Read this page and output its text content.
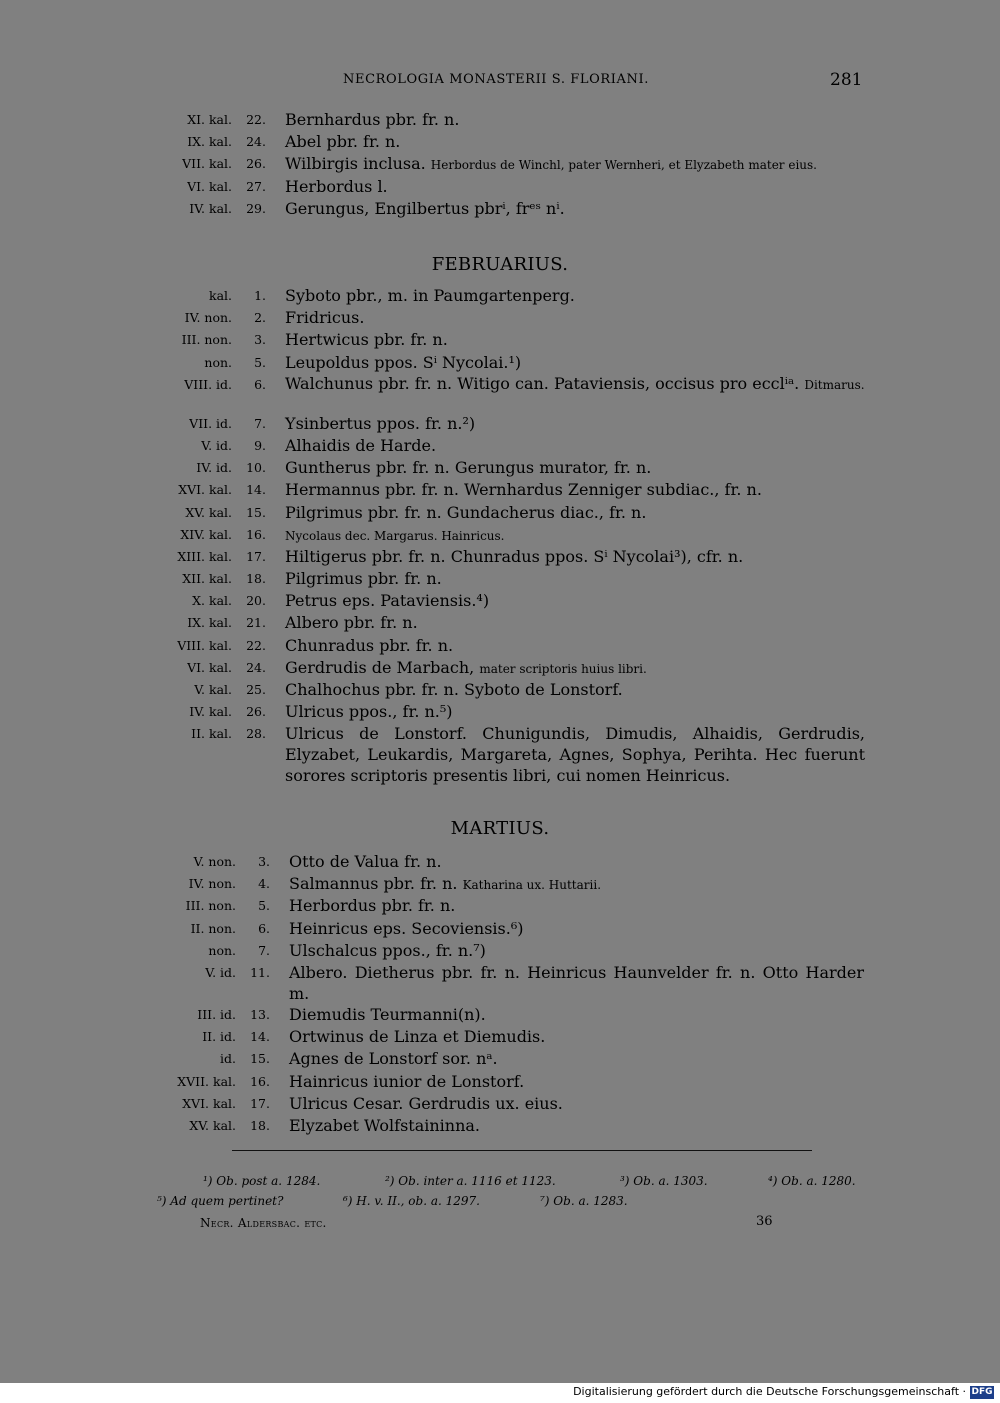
NECROLOGIA MONASTERII S. FLORIANI.	281
XI. kal.	22. Bernhardus pbr. fr. n.
IX. kal.	24. Abel pbr. fr. n.
VII. kal.	26. Wilbirgis inclusa. Herbordus de Winchl, pater Wernheri, et Elyzabeth mater eius.
VI. kal.	27. Herbordus l.
IV. kal.	29. Gerungus, Engilbertus pbrⁱ, frᵉˢ nⁱ.
FEBRUARIUS.
kal.	1. Syboto pbr., m. in Paumgartenperg.
IV. non.	2. Fridricus.
III. non.	3. Hertwicus pbr. fr. n.
non.	5. Leupoldus ppos. Sⁱ Nycolai.¹)
VIII. id.	6. Walchunus pbr. fr. n. Witigo can. Pataviensis, occisus pro ecclⁱᵃ. Ditmarus.
VII. id.	7. Ysinbertus ppos. fr. n.²)
V. id.	9. Alhaidis de Harde.
IV. id.	10. Guntherus pbr. fr. n. Gerungus murator, fr. n.
XVI. kal.	14. Hermannus pbr. fr. n. Wernhardus Zenniger subdiac., fr. n.
XV. kal.	15. Pilgrimus pbr. fr. n. Gundacherus diac., fr. n.
XIV. kal.	16. Nycolaus dec. Margarus. Hainricus.
XIII. kal.	17. Hiltigerus pbr. fr. n. Chunradus ppos. Sⁱ Nycolai³), cfr. n.
XII. kal.	18. Pilgrimus pbr. fr. n.
X. kal.	20. Petrus eps. Pataviensis.⁴)
IX. kal.	21. Albero pbr. fr. n.
VIII. kal.	22. Chunradus pbr. fr. n.
VI. kal.	24. Gerdrudis de Marbach, mater scriptoris huius libri.
V. kal.	25. Chalhochus pbr. fr. n. Syboto de Lonstorf.
IV. kal.	26. Ulricus ppos., fr. n.⁵)
II. kal.	28. Ulricus de Lonstorf. Chunigundis, Dimudis, Alhaidis, Gerdrudis, Elyzabet, Leukardis, Margareta, Agnes, Sophya, Perihta. Hec fuerunt sorores scriptoris presentis libri, cui nomen Heinricus.
MARTIUS.
V. non.	3. Otto de Valua fr. n.
IV. non.	4. Salmannus pbr. fr. n. Katharina ux. Huttarii.
III. non.	5. Herbordus pbr. fr. n.
II. non.	6. Heinricus eps. Secoviensis.⁶)
non.	7. Ulschalcus ppos., fr. n.⁷)
V. id.	11. Albero. Dietherus pbr. fr. n. Heinricus Haunvelder fr. n. Otto Harder m.
III. id.	13. Diemudis Teurmanni(n).
II. id.	14. Ortwinus de Linza et Diemudis.
id.	15. Agnes de Lonstorf sor. nᵃ.
XVII. kal.	16. Hainricus iunior de Lonstorf.
XVI. kal.	17. Ulricus Cesar. Gerdrudis ux. eius.
XV. kal.	18. Elyzabet Wolfstaininna.
¹) Ob. post a. 1284.	²) Ob. inter a. 1116 et 1123.	³) Ob. a. 1303.	⁴) Ob. a. 1280.
⁵) Ad quem pertinet?	⁶) H. v. II., ob. a. 1297.	⁷) Ob. a. 1283.
Necr. Aldersbac. etc.	36
Digitalisierung gefördert durch die Deutsche Forschungsgemeinschaft · DFG
